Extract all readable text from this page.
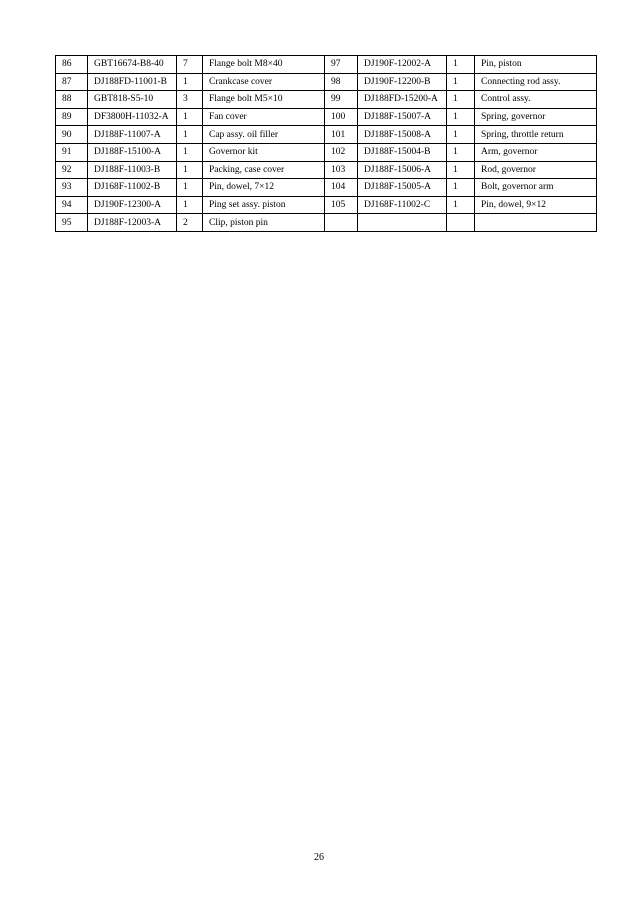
86	GBT16674-B8-40	7	Flange bolt M8×40	97	DJ190F-12002-A	1	Pin, piston
87	DJ188FD-11001-B	1	Crankcase cover	98	DJ190F-12200-B	1	Connecting rod assy.
88	GBT818-S5-10	3	Flange bolt M5×10	99	DJ188FD-15200-A	1	Control assy.
89	DF3800H-11032-A	1	Fan cover	100	DJ188F-15007-A	1	Spring, governor
90	DJ188F-11007-A	1	Cap assy. oil filler	101	DJ188F-15008-A	1	Spring, throttle return
91	DJ188F-15100-A	1	Governor kit	102	DJ188F-15004-B	1	Arm, governor
92	DJ188F-11003-B	1	Packing, case cover	103	DJ188F-15006-A	1	Rod, governor
93	DJ168F-11002-B	1	Pin, dowel, 7×12	104	DJ188F-15005-A	1	Bolt, governor arm
94	DJ190F-12300-A	1	Ping set assy. piston	105	DJ168F-11002-C	1	Pin, dowel, 9×12
95	DJ188F-12003-A	2	Clip, piston pin				
26
